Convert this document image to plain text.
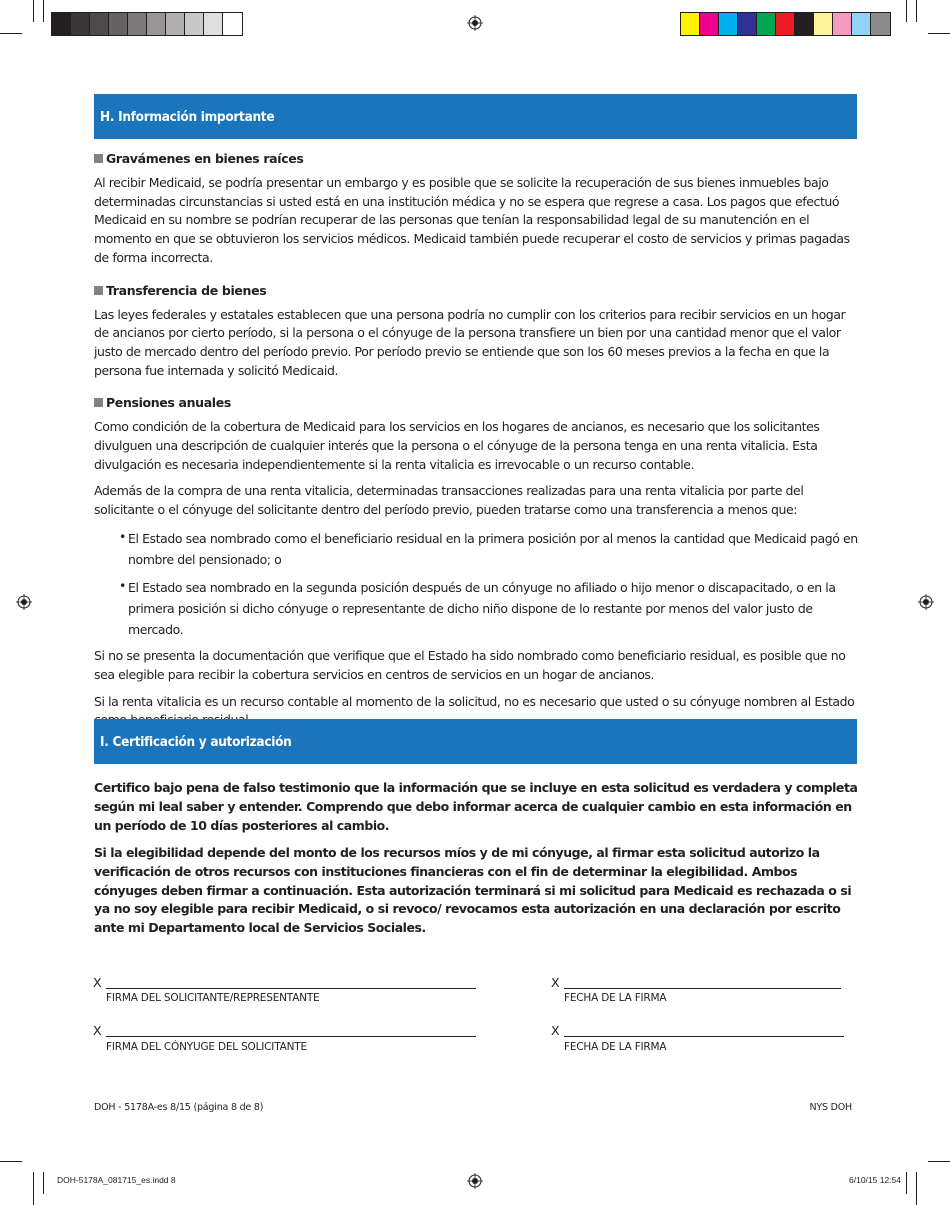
H. Información importante
Gravámenes en bienes raíces

Al recibir Medicaid, se podría presentar un embargo y es posible que se solicite la recuperación de sus bienes inmuebles bajo determinadas circunstancias si usted está en una institución médica y no se espera que regrese a casa. Los pagos que efectuó Medicaid en su nombre se podrían recuperar de las personas que tenían la responsabilidad legal de su manutención en el momento en que se obtuvieron los servicios médicos. Medicaid también puede recuperar el costo de servicios y primas pagadas de forma incorrecta.

Transferencia de bienes

Las leyes federales y estatales establecen que una persona podría no cumplir con los criterios para recibir servicios en un hogar de ancianos por cierto período, si la persona o el cónyuge de la persona transfiere un bien por una cantidad menor que el valor justo de mercado dentro del período previo. Por período previo se entiende que son los 60 meses previos a la fecha en que la persona fue internada y solicitó Medicaid.

Pensiones anuales

Como condición de la cobertura de Medicaid para los servicios en los hogares de ancianos, es necesario que los solicitantes divulguen una descripción de cualquier interés que la persona o el cónyuge de la persona tenga en una renta vitalicia. Esta divulgación es necesaria independientemente si la renta vitalicia es irrevocable o un recurso contable.

Además de la compra de una renta vitalicia, determinadas transacciones realizadas para una renta vitalicia por parte del solicitante o el cónyuge del solicitante dentro del período previo, pueden tratarse como una transferencia a menos que:

• El Estado sea nombrado como el beneficiario residual en la primera posición por al menos la cantidad que Medicaid pagó en nombre del pensionado; o
• El Estado sea nombrado en la segunda posición después de un cónyuge no afiliado o hijo menor o discapacitado, o en la primera posición si dicho cónyuge o representante de dicho niño dispone de lo restante por menos del valor justo de mercado.

Si no se presenta la documentación que verifique que el Estado ha sido nombrado como beneficiario residual, es posible que no sea elegible para recibir la cobertura servicios en centros de servicios en un hogar de ancianos.

Si la renta vitalicia es un recurso contable al momento de la solicitud, no es necesario que usted o su cónyuge nombren al Estado

I. Certificación y autorización

Certifico bajo pena de falso testimonio que la información que se incluye en esta solicitud es verdadera y completa según mi leal saber y entender. Comprendo que debo informar acerca de cualquier cambio en esta información en un período de 10 días posteriores al cambio.

Si la elegibilidad depende del monto de los recursos míos y de mi cónyuge, al firmar esta solicitud autorizo la verificación de otros recursos con instituciones financieras con el fin de determinar la elegibilidad. Ambos cónyuges deben firmar a continuación. Esta autorización terminará si mi solicitud para Medicaid es rechazada o si ya no soy elegible para recibir Medicaid, o si revoco/ revocamos esta autorización en una declaración por escrito ante mi Departamento local de Servicios Sociales.

X
FIRMA DEL SOLICITANTE/REPRESENTANTE
X
FECHA DE LA FIRMA
X
FIRMA DEL CÓNYUGE DEL SOLICITANTE
X
FECHA DE LA FIRMA
DOH - 5178A-es 8/15 (página 8 de 8)	NYS DOH
DOH-5178A_081715_es.indd 8	6/10/15 12:54
